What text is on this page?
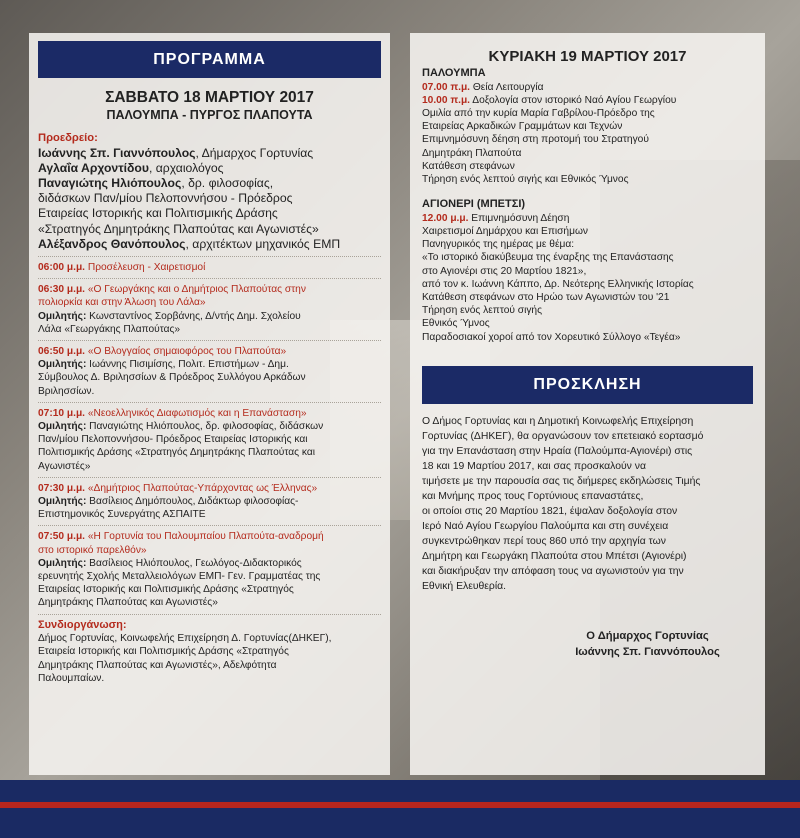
ΠΡΟΓΡΑΜΜΑ
ΣΑΒΒΑΤΟ 18 ΜΑΡΤΙΟΥ 2017
ΠΑΛΟΥΜΠΑ - ΠΥΡΓΟΣ ΠΛΑΠΟΥΤΑ
Προεδρείο:
Ιωάννης Σπ. Γιαννόπουλος, Δήμαρχος Γορτυνίας
Αγλαΐα Αρχοντίδου, αρχαιολόγος
Παναγιώτης Ηλιόπουλος, δρ. φιλοσοφίας,
διδάσκων Παν/μίου Πελοποννήσου - Πρόεδρος
Εταιρείας Ιστορικής και Πολιτισμικής Δράσης
«Στρατηγός Δημητράκης Πλαπούτας και Αγωνιστές»
Αλέξανδρος Θανόπουλος, αρχιτέκτων μηχανικός ΕΜΠ
06:00 μ.μ. Προσέλευση - Χαιρετισμοί
06:30 μ.μ. «Ο Γεωργάκης και ο Δημήτριος Πλαπούτας στην
πολιορκία και στην Άλωση του Λάλα»
Ομιλητής: Κωνσταντίνος Σορβάνης, Δ/ντής Δημ. Σχολείου
Λάλα «Γεωργάκης Πλαπούτας»
06:50 μ.μ. «Ο Βλογγαίος σημαιοφόρος του Πλαπούτα»
Ομιλητής: Ιωάννης Πισιμίσης, Πολιτ. Επιστήμων - Δημ.
Σύμβουλος Δ. Βριλησσίων & Πρόεδρος Συλλόγου Αρκάδων
Βριλησσίων.
07:10 μ.μ. «Νεοελληνικός Διαφωτισμός και η Επανάσταση»
Ομιλητής: Παναγιώτης Ηλιόπουλος, δρ. φιλοσοφίας, διδάσκων
Παν/μίου Πελοποννήσου- Πρόεδρος Εταιρείας Ιστορικής και
Πολιτισμικής Δράσης «Στρατηγός Δημητράκης Πλαπούτας και
Αγωνιστές»
07:30 μ.μ. «Δημήτριος Πλαπούτας-Υπάρχοντας ως Έλληνας»
Ομιλητής: Βασίλειος Δημόπουλος, Διδάκτωρ φιλοσοφίας-
Επιστημονικός Συνεργάτης ΑΣΠΑΙΤΕ
07:50 μ.μ. «Η Γορτυνία του Παλουμπαίου Πλαπούτα-αναδρομή
στο ιστορικό παρελθόν»
Ομιλητής: Βασίλειος Ηλιόπουλος, Γεωλόγος-Διδακτορικός
ερευνητής Σχολής Μεταλλειολόγων ΕΜΠ- Γεν. Γραμματέας της
Εταιρείας Ιστορικής και Πολιτισμικής Δράσης «Στρατηγός
Δημητράκης Πλαπούτας και Αγωνιστές»
Συνδιοργάνωση:
Δήμος Γορτυνίας, Κοινωφελής Επιχείρηση Δ. Γορτυνίας(ΔΗΚΕΓ),
Εταιρεία Ιστορικής και Πολιτισμικής Δράσης «Στρατηγός
Δημητράκης Πλαπούτας και Αγωνιστές», Αδελφότητα
Παλουμπαίων.
ΚΥΡΙΑΚΗ 19 ΜΑΡΤΙΟΥ 2017
ΠΑΛΟΥΜΠΑ
07.00 π.μ. Θεία Λειτουργία
10.00 π.μ. Δοξολογία στον ιστορικό Ναό Αγίου Γεωργίου
Ομιλία από την κυρία Μαρία Γαβρίλου-Πρόεδρο της
Εταιρείας Αρκαδικών Γραμμάτων και Τεχνών
Επιμνημόσυνη δέηση στη προτομή του Στρατηγού
Δημητράκη Πλαπούτα
Κατάθεση στεφάνων
Τήρηση ενός λεπτού σιγής και Εθνικός Ύμνος
ΑΓΙΟΝΕΡΙ (ΜΠΕΤΣΙ)
12.00 μ.μ. Επιμνημόσυνη Δέηση
Χαιρετισμοί Δημάρχου και Επισήμων
Πανηγυρικός της ημέρας με θέμα:
«Το ιστορικό διακύβευμα της έναρξης της Επανάστασης
στο Αγιονέρι στις 20 Μαρτίου 1821»,
από τον κ. Ιωάννη Κάππο, Δρ. Νεότερης Ελληνικής Ιστορίας
Κατάθεση στεφάνων στο Ηρώο των Αγωνιστών του '21
Τήρηση ενός λεπτού σιγής
Εθνικός Ύμνος
Παραδοσιακοί χοροί από τον Χορευτικό Σύλλογο «Τεγέα»
ΠΡΟΣΚΛΗΣΗ
Ο Δήμος Γορτυνίας και η Δημοτική Κοινωφελής Επιχείρηση
Γορτυνίας (ΔΗΚΕΓ), θα οργανώσουν τον επετειακό εορτασμό
για την Επανάσταση στην Ηραία (Παλούμπα-Αγιονέρι) στις
18 και 19 Μαρτίου 2017, και σας προσκαλούν να
τιμήσετε με την παρουσία σας τις διήμερες εκδηλώσεις Τιμής
και Μνήμης προς τους Γορτύνιους επαναστάτες,
οι οποίοι στις 20 Μαρτίου 1821, έψαλαν δοξολογία στον
Ιερό Ναό Αγίου Γεωργίου Παλούμπα και στη συνέχεια
συγκεντρώθηκαν περί τους 860 υπό την αρχηγία των
Δημήτρη και Γεωργάκη Πλαπούτα στου Μπέτσι (Αγιονέρι)
και διακήρυξαν την απόφαση τους να αγωνιστούν για την
Εθνική Ελευθερία.
Ο Δήμαρχος Γορτυνίας
Ιωάννης Σπ. Γιαννόπουλος
